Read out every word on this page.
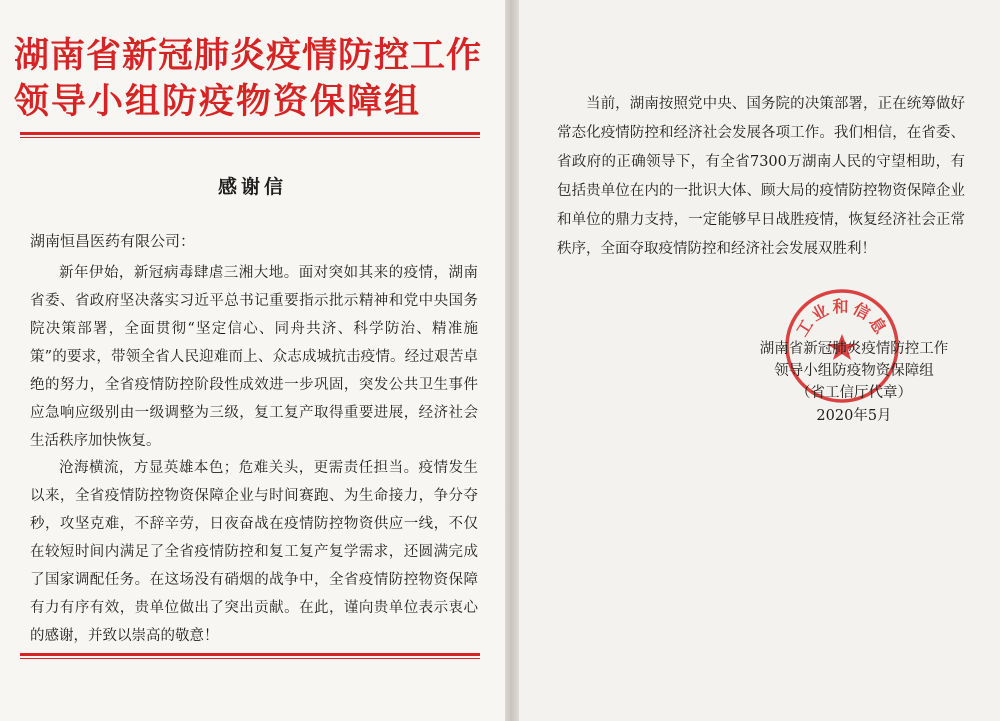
湖南省新冠肺炎疫情防控工作
领导小组防疫物资保障组
感谢信
湖南恒昌医药有限公司：

新年伊始，新冠病毒肆虐三湘大地。面对突如其来的疫情，湖南省委、省政府坚决落实习近平总书记重要指示批示精神和党中央国务院决策部署，全面贯彻“坚定信心、同舟共济、科学防治、精准施策”的要求，带领全省人民迎难而上、众志成城抗击疫情。经过艰苦卓绝的努力，全省疫情防控阶段性成效进一步巩固，突发公共卫生事件应急响应级别由一级调整为三级，复工复产取得重要进展，经济社会生活秩序加快恢复。

沧海横流，方显英雄本色；危难关头，更需责任担当。疫情发生以来，全省疫情防控物资保障企业与时间赛跑、为生命接力，争分夺秒，攻坚克难，不辞辛劳，日夜奋战在疫情防控物资供应一线，不仅在较短时间内满足了全省疫情防控和复工复产复学需求，还圆满完成了国家调配任务。在这场没有硝烟的战争中，全省疫情防控物资保障有力有序有效，贵单位做出了突出贡献。在此，谨向贵单位表示衷心的感谢，并致以崇高的敬意！

当前，湖南按照党中央、国务院的决策部署，正在统筹做好常态化疫情防控和经济社会发展各项工作。我们相信，在省委、省政府的正确领导下，有全省7300万湖南人民的守望相助，有包括贵单位在内的一批识大体、顾大局的疫情防控物资保障企业和单位的鼎力支持，一定能够早日战胜疫情，恢复经济社会正常秩序，全面夺取疫情防控和经济社会发展双胜利！

工业和信息
湖南省新冠肺炎疫情防控工作
领导小组防疫物资保障组
（省工信厅代章）
2020年5月
